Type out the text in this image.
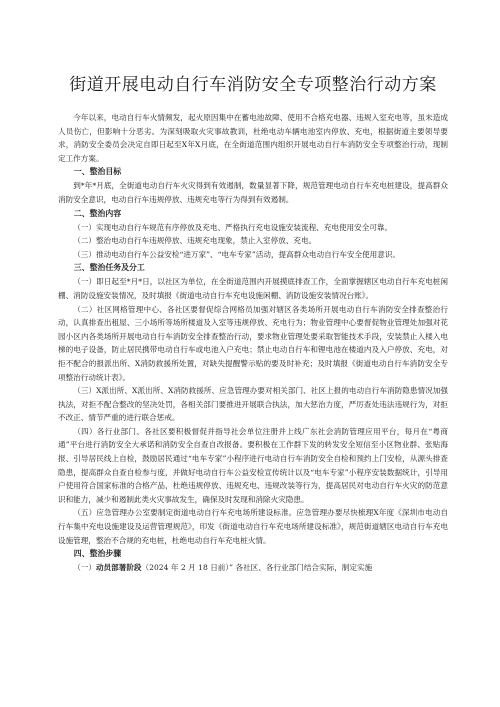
街道开展电动自行车消防安全专项整治行动方案

今年以来，电动自行车火情频发，起火原因集中在蓄电池故障、使用不合格充电器、违规入室充电等，虽未造成人员伤亡，但影响十分恶劣。为深刻吸取火灾事故教训，杜绝电动车辆电池室内停放、充电，根据街道主要领导要求，消防安全委员会决定自即日起至X年X月底，在全街道范围内组织开展电动自行车消防安全专项整治行动，现制定工作方案。

一、整治目标

到*年*月底，全街道电动自行车火灾得到有效遏制，数量显著下降，规范管理电动自行车充电桩建设，提高群众消防安全意识，电动自行车违规停放、违规充电等行为得到有效遏制。

二、整治内容

（一）实现电动自行车规范有序停放及充电、严格执行充电设施安装流程、充电使用安全可靠。

（二）整治电动自行车违规停放、违规充电现象，禁止入室停放、充电。

（三）推动电动自行车公益安检“进万家”、“电车专家”活动，提高群众电动自行车安全使用意识。

三、整治任务及分工

（一）即日起至*月*日，以社区为单位，在全街道范围内开展摸底排查工作，全面掌握辖区电动自行车充电桩闲棚、消防设施安装情况，及时填报《街道电动自行车充电设施闲棚、消防设施安装情况台账》。

（二）社区网格管理中心、各社区要督促综合网格员加强对辖区各类场所开展电动自行车消防安全排查整治行动，认真排查出租屋、三小场所等场所楼道及入室等违规停放、充电行为；物业管理中心要督促物业管理处加强对花园小区内各类场所开展电动自行车消防安全排查整治行动，要求物业管理处要采取智能技术手段，安装禁止入楼入电梯的电子设备，防止居民携带电动自行车或电池入户充电；禁止电动自行车和锂电池在楼道内及入户停放、充电，对拒不配合的报派出所、X消防救援所处置，对缺失提醒警示贴的要及时补充；及时填报《街道电动自行车消防安全专项整治行动统计表》。

（三）X派出所、X派出所、X消防救援所、应急管理办要对相关部门、社区上报的电动自行车消防隐患情况加强执法，对拒不配合整改的坚决处罚，各相关部门要推进开展联合执法，加大惩治力度，严厉查处违法违规行为，对拒不改正、情节严重的进行联合惩戒。

（四）各行业部门、各社区要积极督促并指导社会单位注册并上线广东社会消防管理应用平台，每月在“粤商通”平台进行消防安全大承诺和消防安全自查自改报备。要积极在工作群下发的转发安全短信至小区物业群、张贴海报、引导居民线上自检，鼓励居民通过“电车专家”小程序进行电动自行车消防安全自检和预约上门安检，从源头排查隐患，提高群众自查自检参与度，并做好电动自行车公益安检宣传统计以及“电车专家”小程序安装数据统计，引导用户使用符合国家标准的合格产品，杜绝违规停放、违规充电、违规改装等行为，提高居民对电动自行车火灾的防范意识和能力，减少和遏制此类火灾事故发生，确保及时发现和消除火灾隐患。

（五）应急管理办公室要制定街道电动自行车充电场所建设标准。应急管理办要尽快梳理X年度《深圳市电动自行车集中充电设施建设及运营管理规范》，印发《街道电动自行车充电场所建设标准》，规范街道辖区电动自行车充电设施管理，整治不合规的充电桩，杜绝电动自行车充电桩火情。

四、整治步骤

（一）动员部署阶段（2024 年 2 月 18 日前）” 各社区、各行业部门结合实际，制定实施
